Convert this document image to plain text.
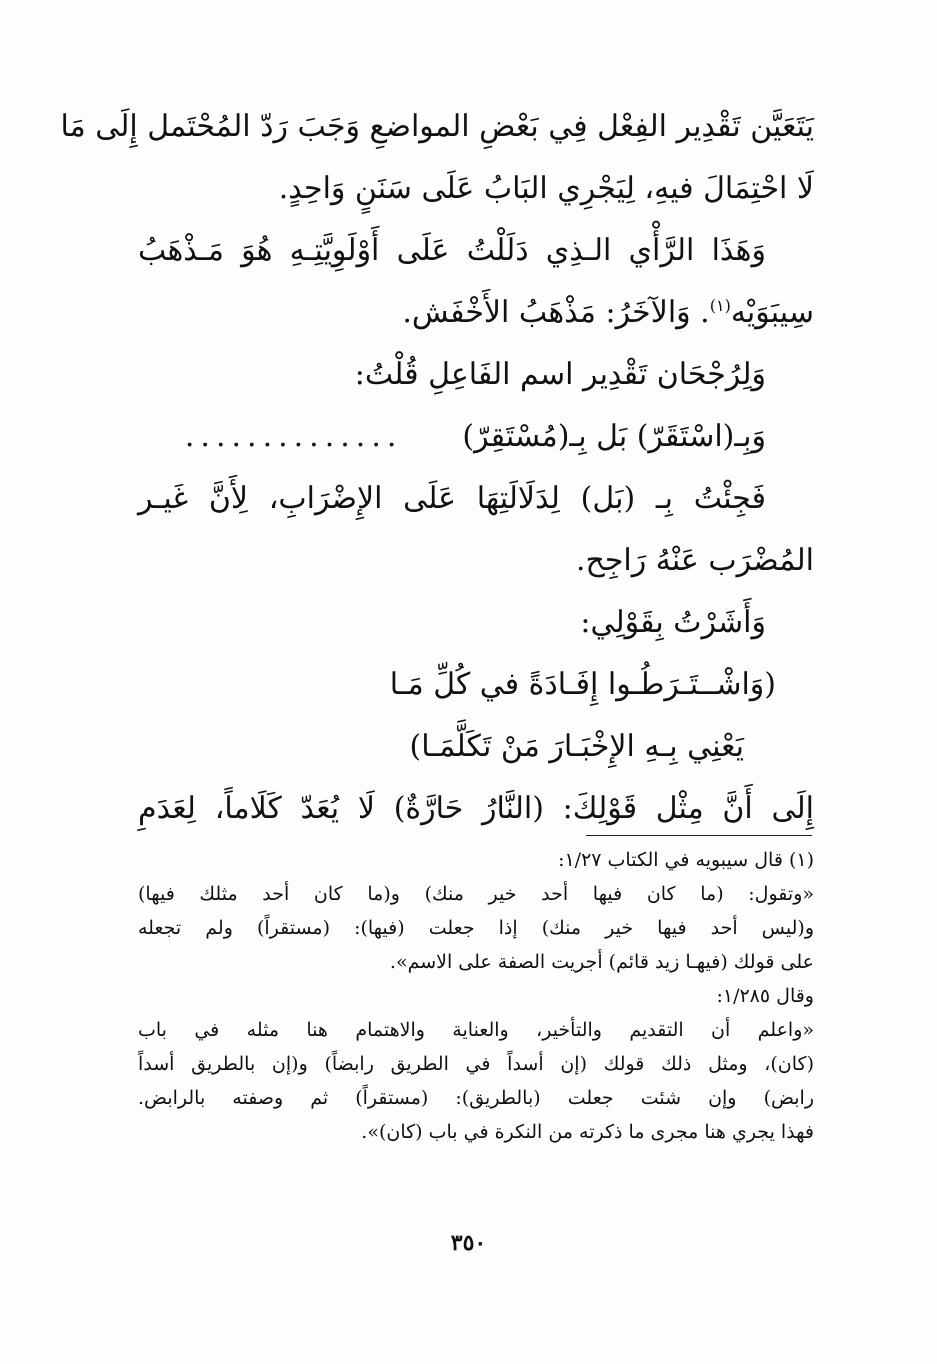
يَتَعَيَّن تَقْدِير الفِعْل فِي بَعْضِ المواضعِ وَجَبَ رَدّ المُحْتَمل إِلَى مَا
لَا احْتِمَالَ فيهِ، لِيَجْرِي البَابُ عَلَى سَنَنٍ وَاحِدٍ.
وَهَذَا الرَّأْي الـذِي دَلَلْتُ عَلَى أَوْلَوِيَّتِـهِ هُوَ مَـذْهَبُ
سِيبَوَيْه$^{(١)}$. وَالآخَرُ: مَذْهَبُ الأَخْفَش.
وَلِرُجْحَان تَقْدِير اسم الفَاعِلِ قُلْتُ:
وَبِـ(اسْتَقَرّ) بَل بِـ(مُسْتَقِرّ)..............
فَجِئْتُ بِـ (بَل) لِدَلَالَتِهَا عَلَى الإِضْرَابِ، لِأَنَّ غَيـر
المُضْرَب عَنْهُ رَاجِح.
وَأَشَرْتُ بِقَوْلِي:
(وَاشْــتَـرَطُـوا إِفَـادَةً في كُلِّ مَـا
يَعْنِي بِـهِ الإِخْبَـارَ مَنْ تَكَلَّمَـا)
إِلَى أَنَّ مِثْل قَوْلِكَ: (النَّارُ حَارَّةٌ) لَا يُعَدّ كَلَاماً، لِعَدَمِ
(١) قال سيبويه في الكتاب ١/٢٧:
«وتقول: (ما كان فيها أحد خير منك) و(ما كان أحد مثلك فيها)
و(ليس أحد فيها خير منك) إذا جعلت (فيها): (مستقراً) ولم تجعله
على قولك (فيهـا زيد قائم) أجريت الصفة على الاسم».
وقال ١/٢٨٥:
«واعلم أن التقديم والتأخير، والعناية والاهتمام هنا مثله في باب
(كان)، ومثل ذلك قولك (إن أسداً في الطريق رابضاً) و(إن بالطريق أسداً
رابض) وإن شئت جعلت (بالطريق): (مستقراً) ثم وصفته بالرابض.
فهذا يجري هنا مجرى ما ذكرته من النكرة في باب (كان)».
٣٥٠
